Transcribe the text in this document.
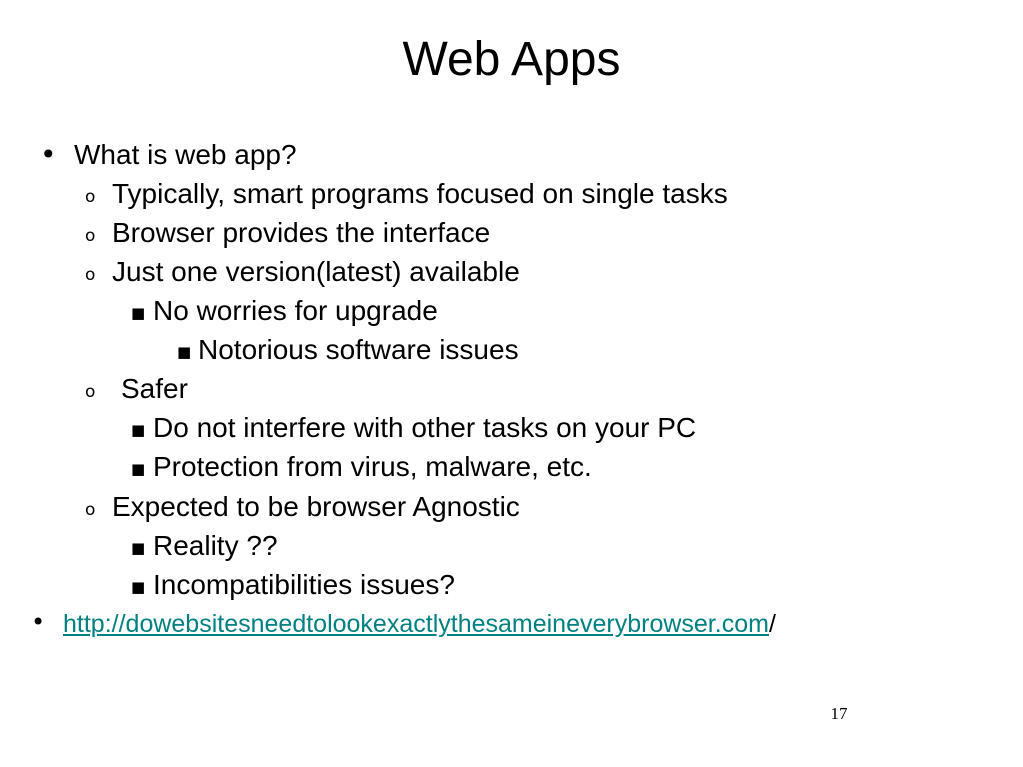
Web Apps
• What is web app?
o Typically, smart programs focused on single tasks
o Browser provides the interface
o Just one version(latest) available
■ No worries for upgrade
■ Notorious software issues
o Safer
■ Do not interfere with other tasks on your PC
■ Protection from virus, malware, etc.
o Expected to be browser Agnostic
■ Reality ??
■ Incompatibilities issues?
• http://dowebsitesneedtolookexactlythesameineverybrowser.com/
17
